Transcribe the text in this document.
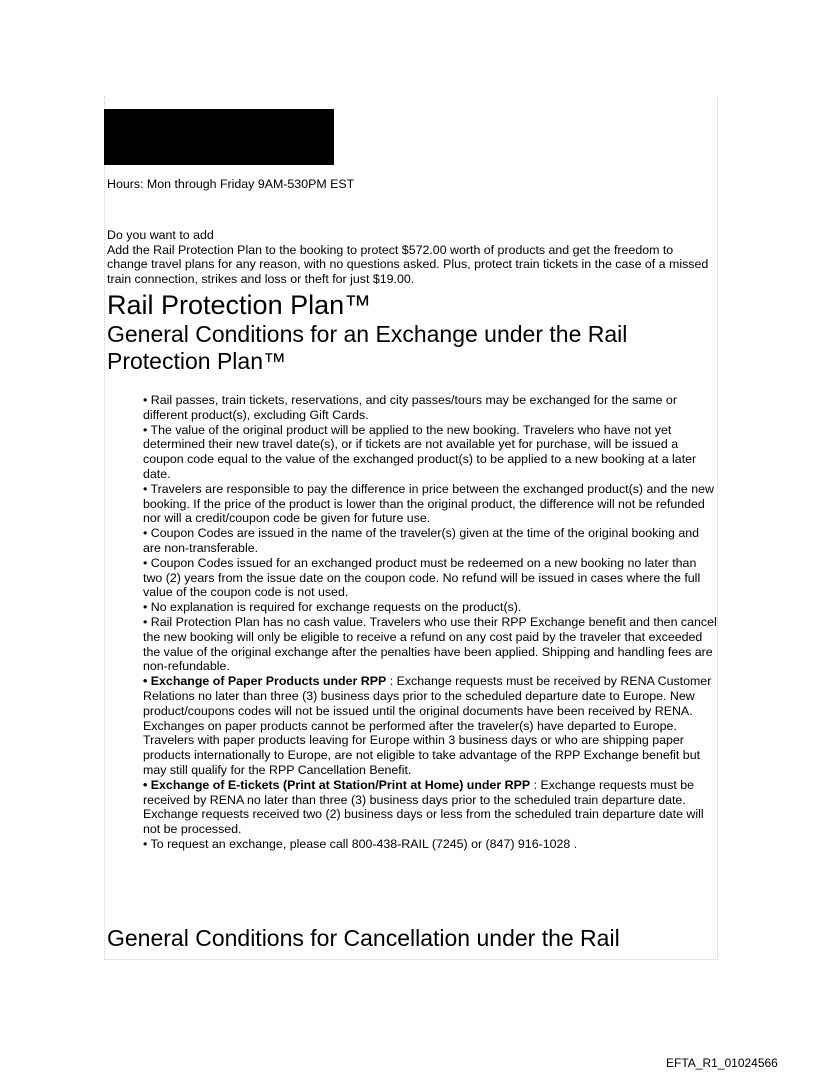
Hours: Mon through Friday 9AM-530PM EST

Do you want to add

Add the Rail Protection Plan to the booking to protect $572.00 worth of products and get the freedom to change travel plans for any reason, with no questions asked. Plus, protect train tickets in the case of a missed train connection, strikes and loss or theft for just $19.00.

Rail Protection Plan™
General Conditions for an Exchange under the Rail Protection Plan™

• Rail passes, train tickets, reservations, and city passes/tours may be exchanged for the same or different product(s), excluding Gift Cards.

• The value of the original product will be applied to the new booking. Travelers who have not yet determined their new travel date(s), or if tickets are not available yet for purchase, will be issued a coupon code equal to the value of the exchanged product(s) to be applied to a new booking at a later date.

• Travelers are responsible to pay the difference in price between the exchanged product(s) and the new booking. If the price of the product is lower than the original product, the difference will not be refunded nor will a credit/coupon code be given for future use.

• Coupon Codes are issued in the name of the traveler(s) given at the time of the original booking and are non-transferable.

• Coupon Codes issued for an exchanged product must be redeemed on a new booking no later than two (2) years from the issue date on the coupon code. No refund will be issued in cases where the full value of the coupon code is not used.

• No explanation is required for exchange requests on the product(s).

• Rail Protection Plan has no cash value. Travelers who use their RPP Exchange benefit and then cancel the new booking will only be eligible to receive a refund on any cost paid by the traveler that exceeded the value of the original exchange after the penalties have been applied. Shipping and handling fees are non-refundable.

• Exchange of Paper Products under RPP : Exchange requests must be received by RENA Customer Relations no later than three (3) business days prior to the scheduled departure date to Europe. New product/coupons codes will not be issued until the original documents have been received by RENA. Exchanges on paper products cannot be performed after the traveler(s) have departed to Europe. Travelers with paper products leaving for Europe within 3 business days or who are shipping paper products internationally to Europe, are not eligible to take advantage of the RPP Exchange benefit but may still qualify for the RPP Cancellation Benefit.

• Exchange of E-tickets (Print at Station/Print at Home) under RPP : Exchange requests must be received by RENA no later than three (3) business days prior to the scheduled train departure date. Exchange requests received two (2) business days or less from the scheduled train departure date will not be processed.

• To request an exchange, please call 800-438-RAIL (7245) or (847) 916-1028 .

General Conditions for Cancellation under the Rail
EFTA_R1_01024566
